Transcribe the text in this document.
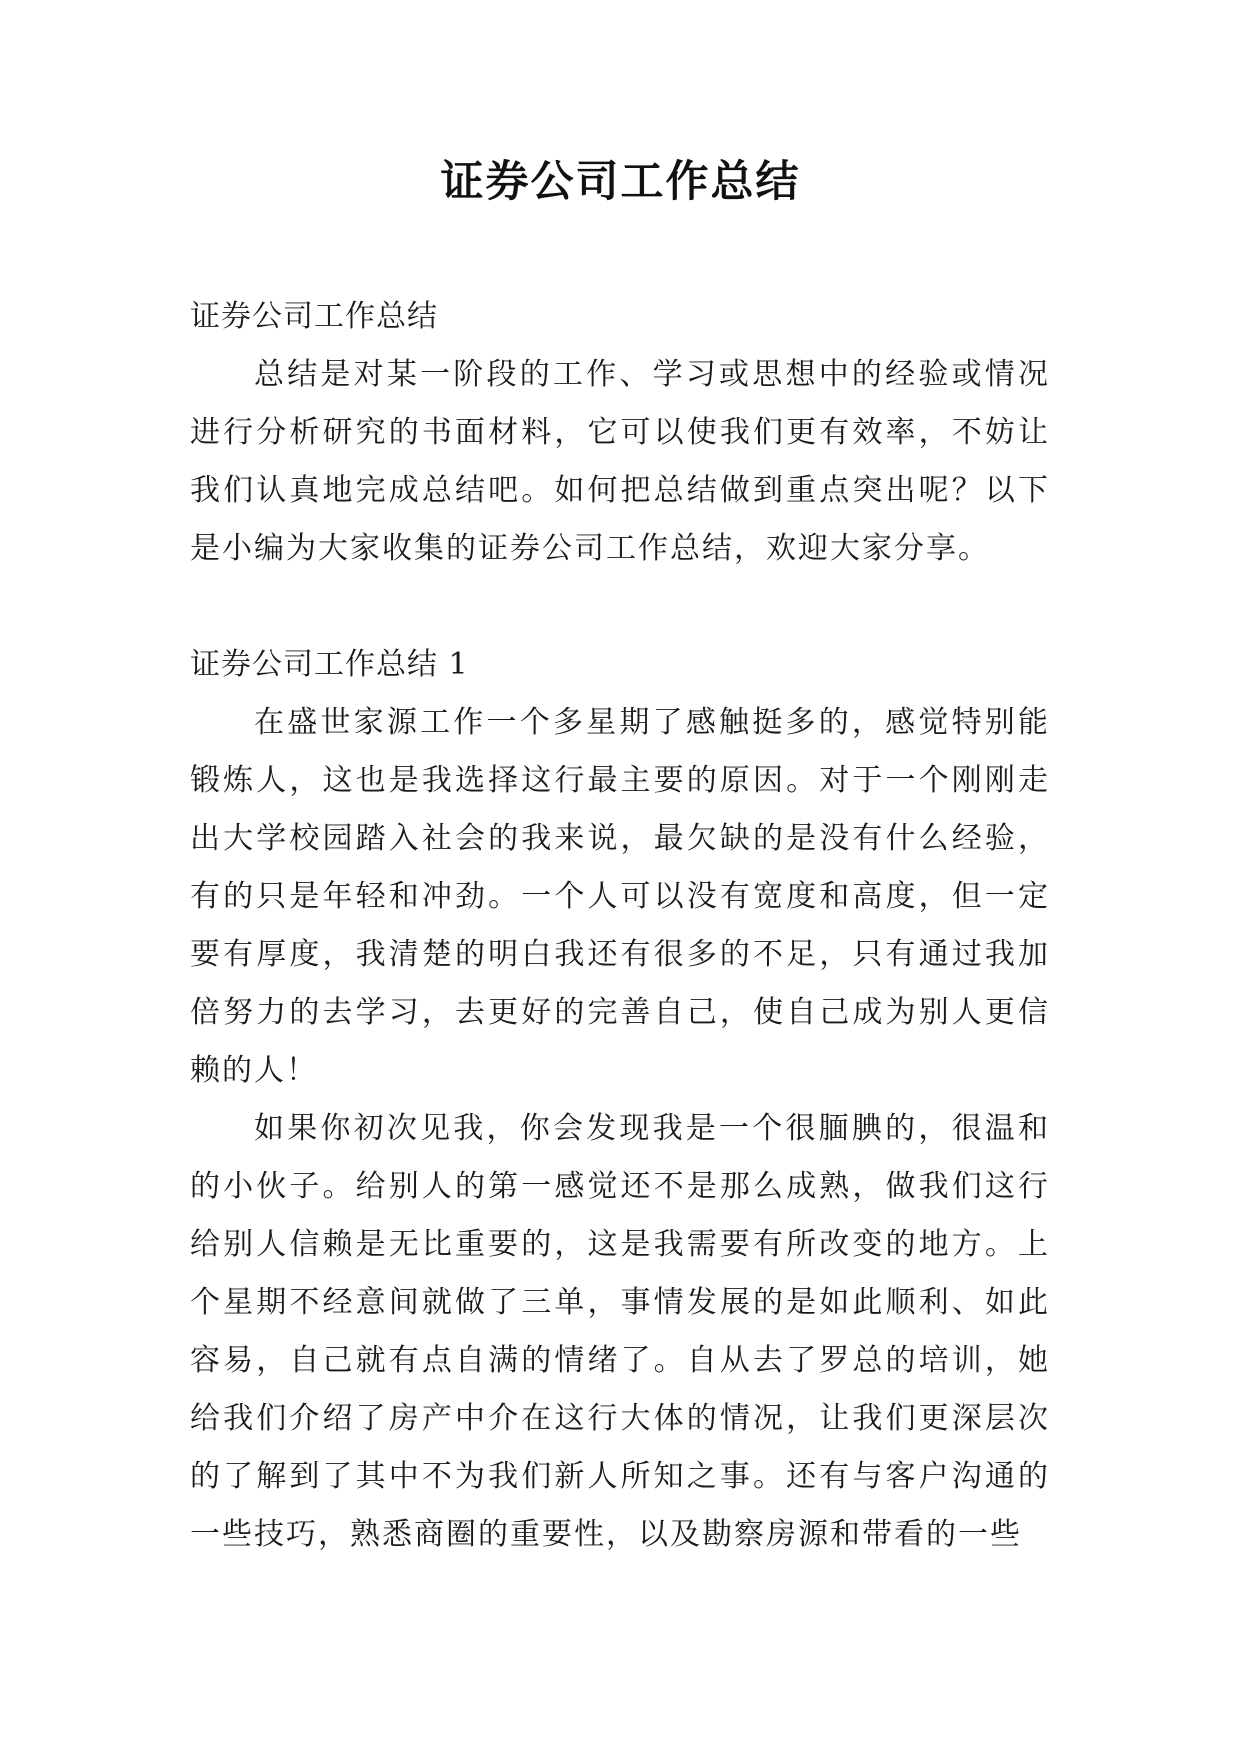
证券公司工作总结

证券公司工作总结

总结是对某一阶段的工作、学习或思想中的经验或情况进行分析研究的书面材料，它可以使我们更有效率，不妨让我们认真地完成总结吧。如何把总结做到重点突出呢？以下是小编为大家收集的证券公司工作总结，欢迎大家分享。

证券公司工作总结 1

在盛世家源工作一个多星期了感触挺多的，感觉特别能锻炼人，这也是我选择这行最主要的原因。对于一个刚刚走出大学校园踏入社会的我来说，最欠缺的是没有什么经验，有的只是年轻和冲劲。一个人可以没有宽度和高度，但一定要有厚度，我清楚的明白我还有很多的不足，只有通过我加倍努力的去学习，去更好的完善自己，使自己成为别人更信赖的人！

如果你初次见我，你会发现我是一个很腼腆的，很温和的小伙子。给别人的第一感觉还不是那么成熟，做我们这行给别人信赖是无比重要的，这是我需要有所改变的地方。上个星期不经意间就做了三单，事情发展的是如此顺利、如此容易，自己就有点自满的情绪了。自从去了罗总的培训，她给我们介绍了房产中介在这行大体的情况，让我们更深层次的了解到了其中不为我们新人所知之事。还有与客户沟通的一些技巧，熟悉商圈的重要性，以及勘察房源和带看的一些
